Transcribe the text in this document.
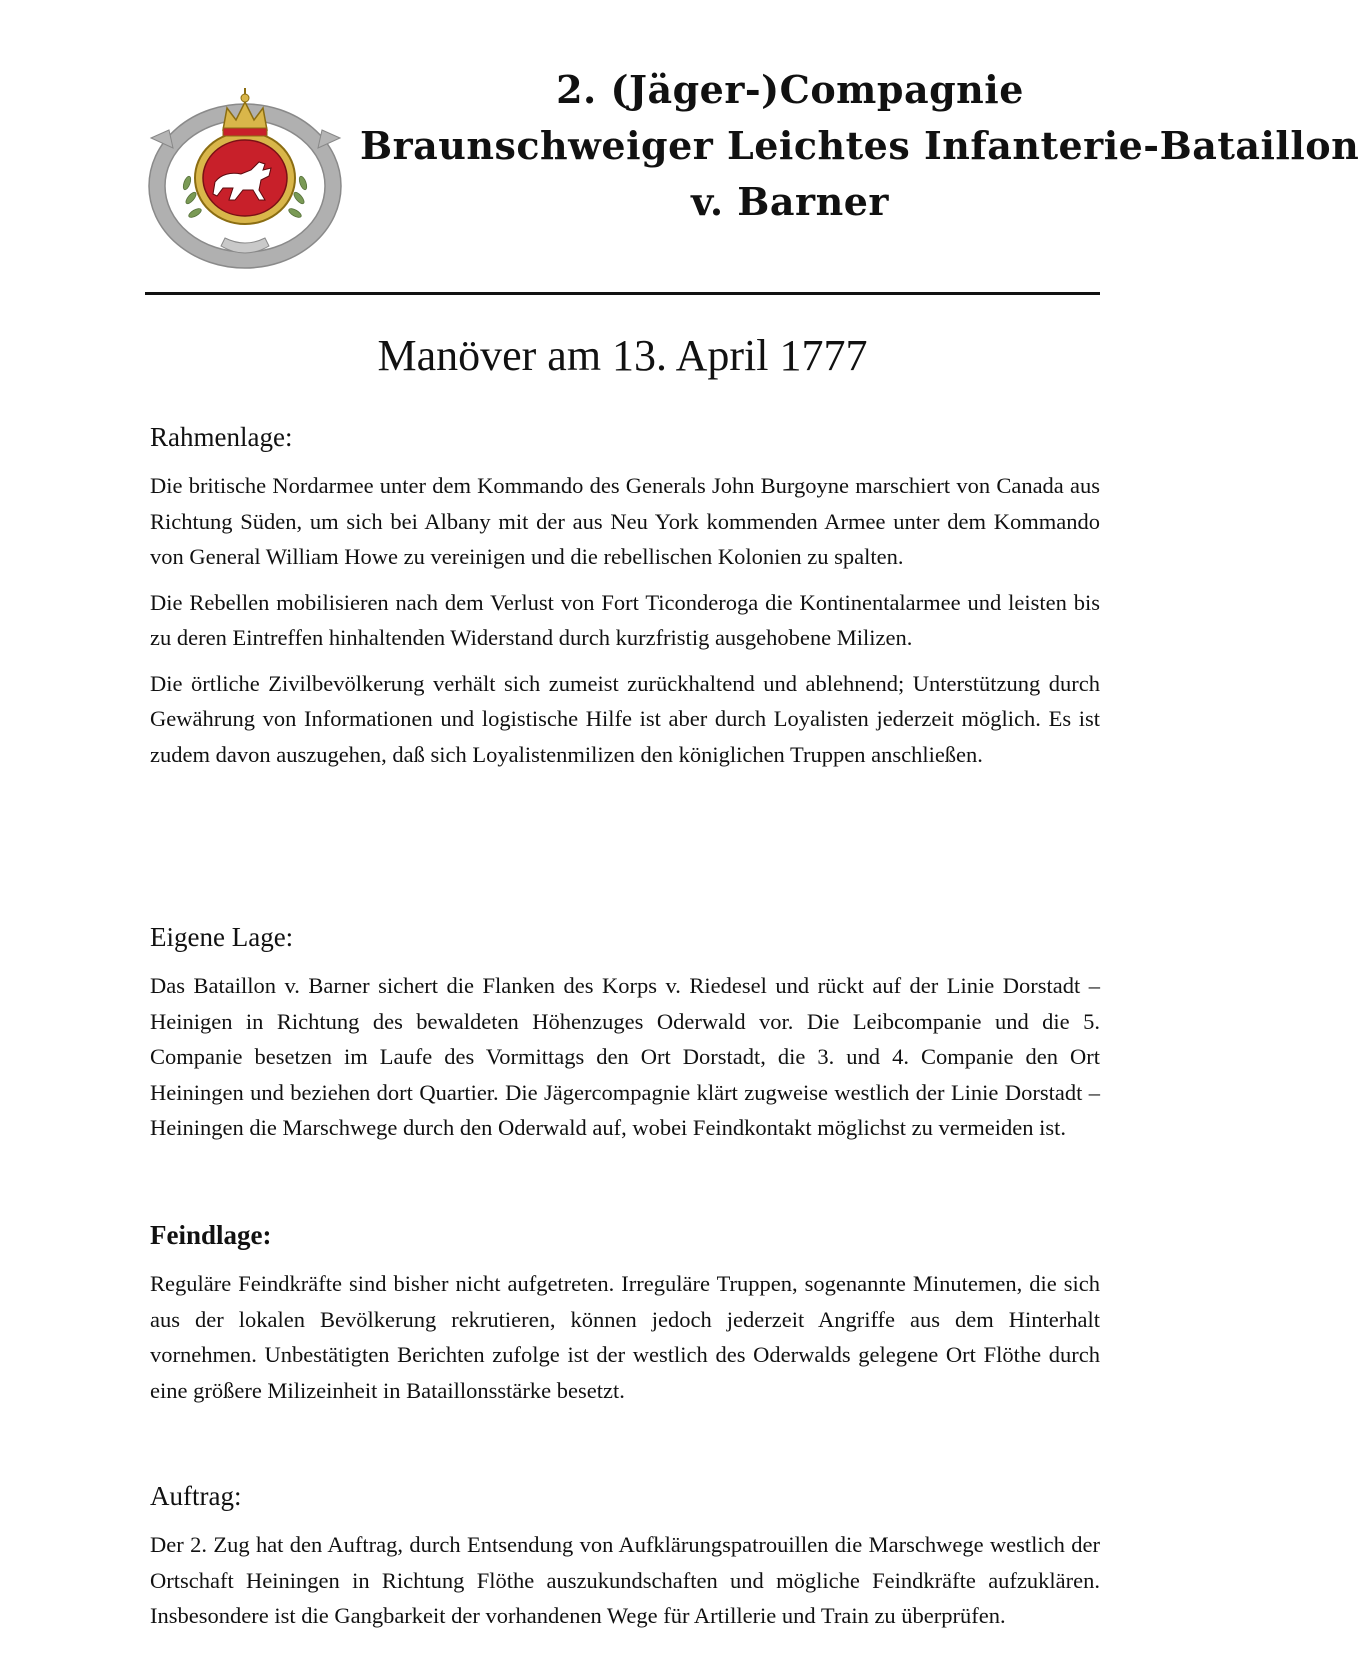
2. (Jäger-)Compagnie
Braunschweiger Leichtes Infanterie-Bataillon
v. Barner
Manöver am 13. April 1777
Rahmenlage:

Die britische Nordarmee unter dem Kommando des Generals John Burgoyne marschiert von Canada aus Richtung Süden, um sich bei Albany mit der aus Neu York kommenden Armee unter dem Kommando von General William Howe zu vereinigen und die rebellischen Kolonien zu spalten.

Die Rebellen mobilisieren nach dem Verlust von Fort Ticonderoga die Kontinentalarmee und leisten bis zu deren Eintreffen hinhaltenden Widerstand durch kurzfristig ausgehobene Milizen.

Die örtliche Zivilbevölkerung verhält sich zumeist zurückhaltend und ablehnend; Unterstützung durch Gewährung von Informationen und logistische Hilfe ist aber durch Loyalisten jederzeit möglich. Es ist zudem davon auszugehen, daß sich Loyalistenmilizen den königlichen Truppen anschließen.

Eigene Lage:

Das Bataillon v. Barner sichert die Flanken des Korps v. Riedesel und rückt auf der Linie Dorstadt – Heinigen in Richtung des bewaldeten Höhenzuges Oderwald vor. Die Leibcompanie und die 5. Companie besetzen im Laufe des Vormittags den Ort Dorstadt, die 3. und 4. Companie den Ort Heiningen und beziehen dort Quartier. Die Jägercompagnie klärt zugweise westlich der Linie Dorstadt – Heiningen die Marschwege durch den Oderwald auf, wobei Feindkontakt möglichst zu vermeiden ist.

Feindlage:

Reguläre Feindkräfte sind bisher nicht aufgetreten. Irreguläre Truppen, sogenannte Minutemen, die sich aus der lokalen Bevölkerung rekrutieren, können jedoch jederzeit Angriffe aus dem Hinterhalt vornehmen. Unbestätigten Berichten zufolge ist der westlich des Oderwalds gelegene Ort Flöthe durch eine größere Milizeinheit in Bataillonsstärke besetzt.

Auftrag:

Der 2. Zug hat den Auftrag, durch Entsendung von Aufklärungspatrouillen die Marschwege westlich der Ortschaft Heiningen in Richtung Flöthe auszukundschaften und mögliche Feindkräfte aufzuklären. Insbesondere ist die Gangbarkeit der vorhandenen Wege für Artillerie und Train zu überprüfen.
